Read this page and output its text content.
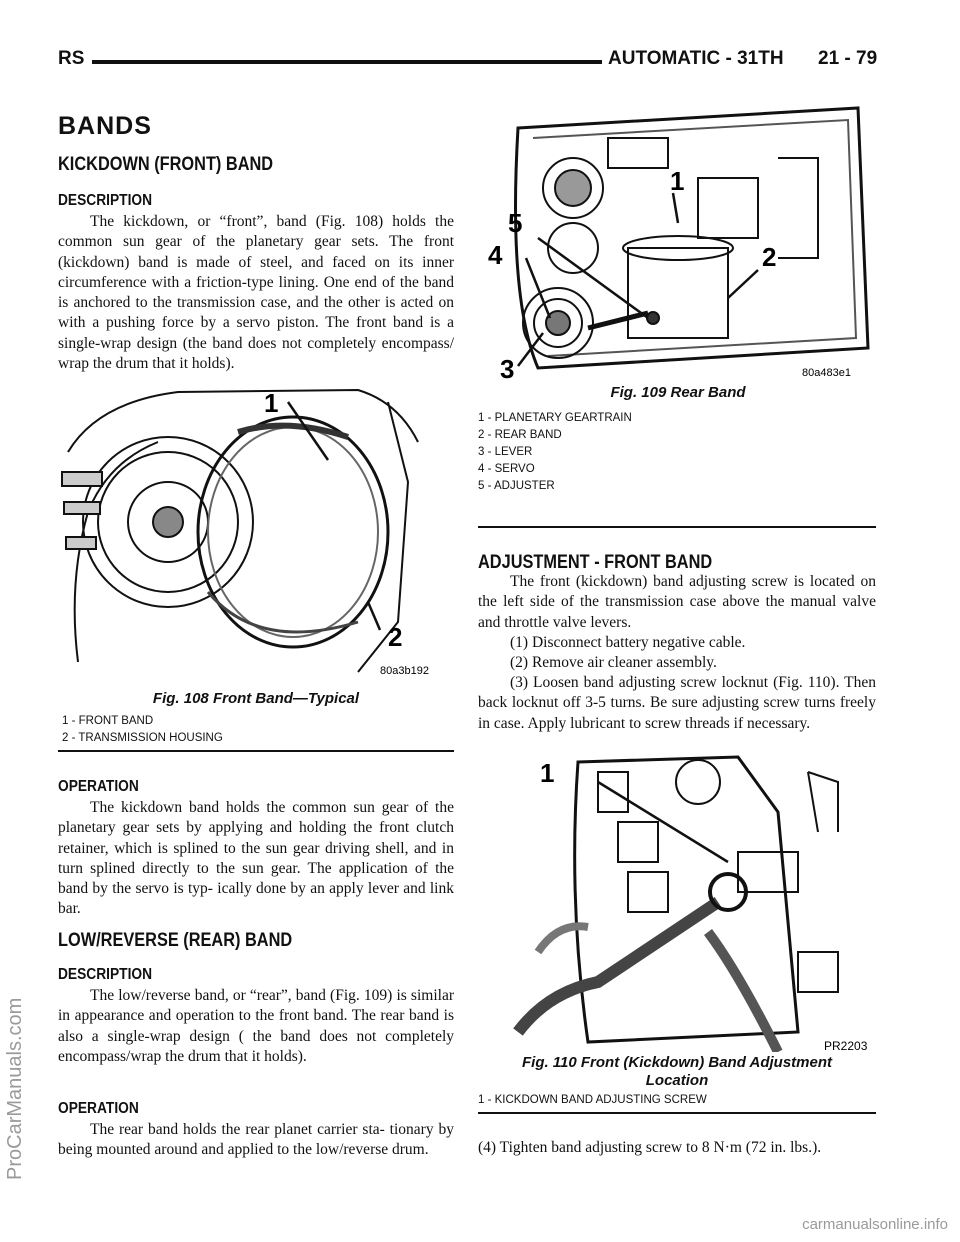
RS	AUTOMATIC - 31TH 21 - 79
BANDS
KICKDOWN (FRONT) BAND
DESCRIPTION

The kickdown, or “front”, band (Fig. 108) holds the common sun gear of the planetary gear sets. The front (kickdown) band is made of steel, and faced on its inner circumference with a friction-type lining. One end of the band is anchored to the transmission case, and the other is acted on with a pushing force by a servo piston. The front band is a single-wrap design (the band does not completely encompass/ wrap the drum that it holds).

1
2
80a3b192
Fig. 108 Front Band—Typical
1 - FRONT BAND
2 - TRANSMISSION HOUSING
OPERATION

The kickdown band holds the common sun gear of the planetary gear sets by applying and holding the front clutch retainer, which is splined to the sun gear driving shell, and in turn splined directly to the sun gear. The application of the band by the servo is typ- ically done by an apply lever and link bar.

LOW/REVERSE (REAR) BAND
DESCRIPTION

The low/reverse band, or “rear”, band (Fig. 109) is similar in appearance and operation to the front band. The rear band is also a single-wrap design ( the band does not completely encompass/wrap the drum that it holds).

OPERATION

The rear band holds the rear planet carrier sta- tionary by being mounted around and applied to the low/reverse drum.

1
2
3
4
5
80a483e1
Fig. 109 Rear Band
1 - PLANETARY GEARTRAIN
2 - REAR BAND
3 - LEVER
4 - SERVO
5 - ADJUSTER
ADJUSTMENT - FRONT BAND

The front (kickdown) band adjusting screw is located on the left side of the transmission case above the manual valve and throttle valve levers.

(1) Disconnect battery negative cable.

(2) Remove air cleaner assembly.

(3) Loosen band adjusting screw locknut (Fig. 110). Then back locknut off 3-5 turns. Be sure adjusting screw turns freely in case. Apply lubricant to screw threads if necessary.

1
PR2203
Fig. 110 Front (Kickdown) Band Adjustment
Location
1 - KICKDOWN BAND ADJUSTING SCREW

(4) Tighten band adjusting screw to 8 N·m (72 in. lbs.).

ProCarManuals.com
carmanualsonline.info
